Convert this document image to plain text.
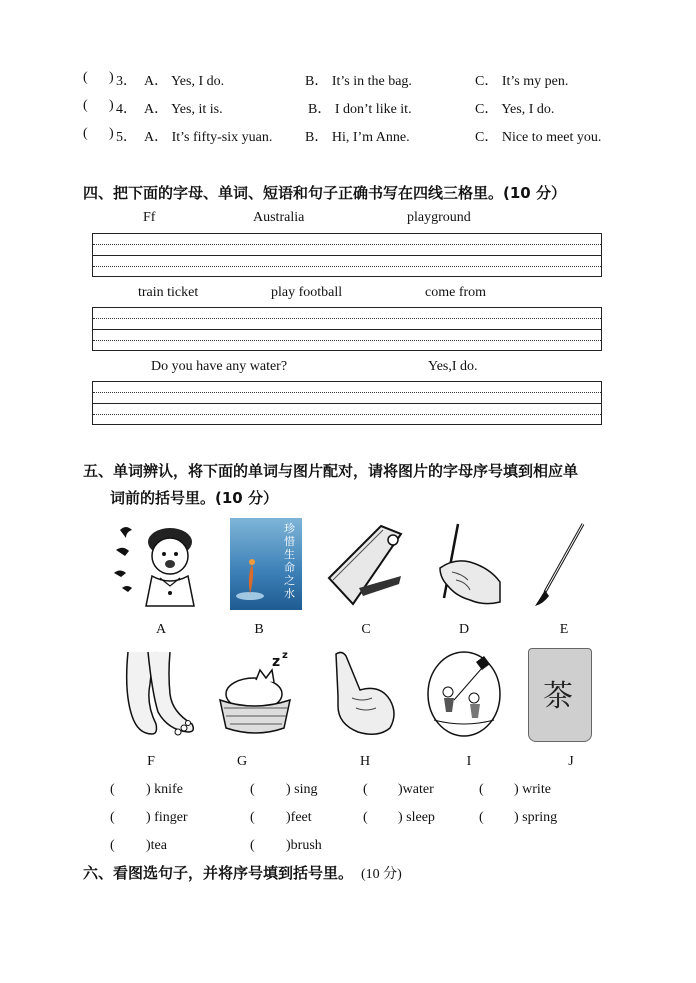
( ) 3． A． Yes, I do.	B． It’s in the bag.	C． It’s my pen.
( ) 4． A． Yes, it is.	B． I don’t like it.	C． Yes, I do.
( ) 5． A． It’s fifty-six yuan. B． Hi, I’m Anne.	C． Nice to meet you.
四、把下面的字母、单词、短语和句子正确书写在四线三格里。(10 分）
Ff	Australia	playground
train ticket	play football	come from
Do you have any water?	Yes,I do.
五、单词辨认，将下面的单词与图片配对，请将图片的字母序号填到相应单
词前的括号里。(10 分）
珍惜生命之水
A	B	C	D	E
z z
茶
F	G	H	I	J
( ) knife	( ) sing	( )water	( ) write
( ) finger	( )feet	( ) sleep	( ) spring
( )tea	( )brush
六、看图选句子，并将序号填到括号里。 (10 分)
